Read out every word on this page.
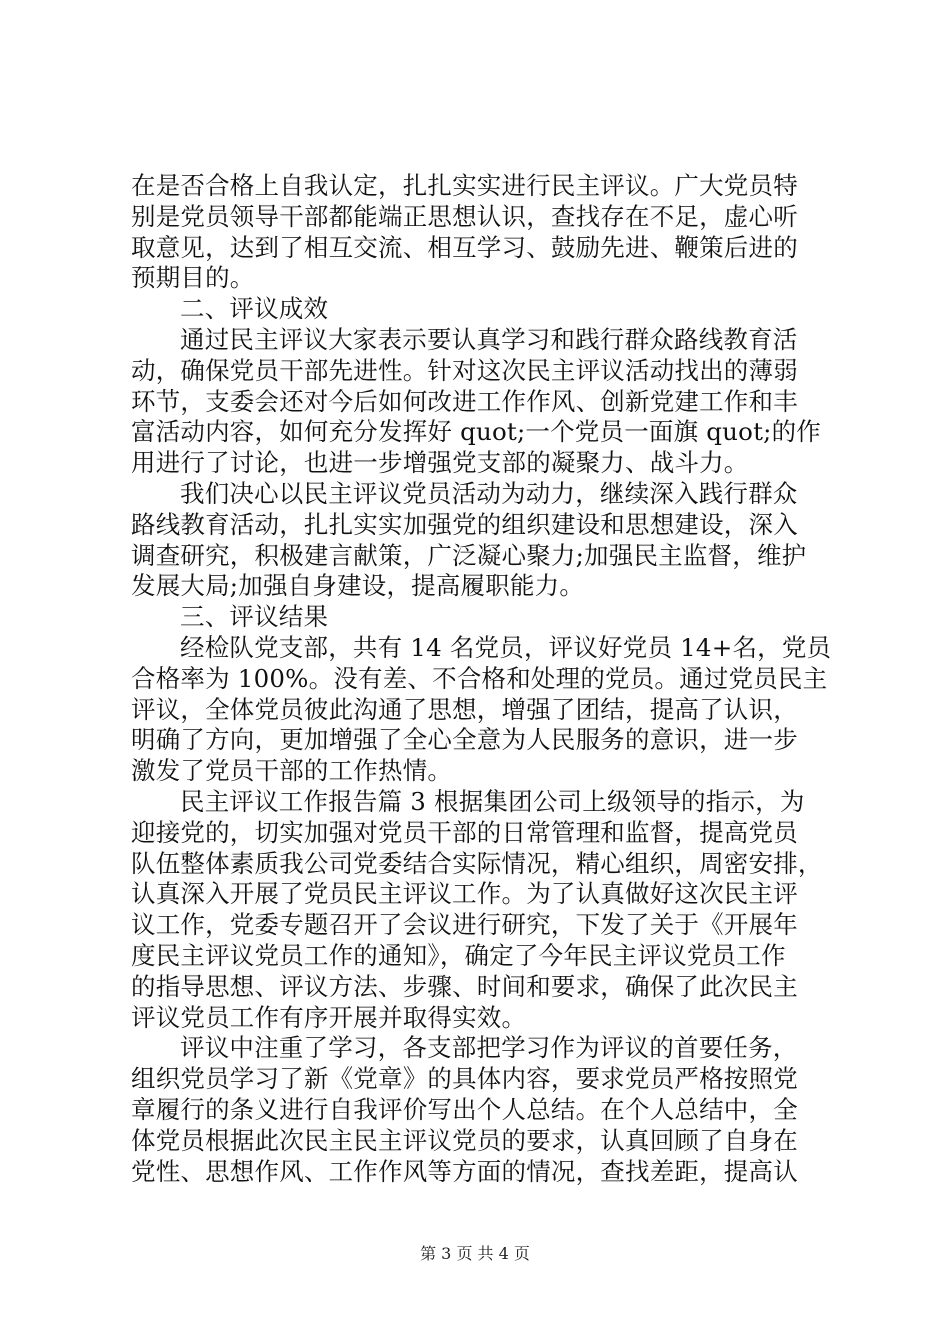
在是否合格上自我认定，扎扎实实进行民主评议。广大党员特
别是党员领导干部都能端正思想认识，查找存在不足，虚心听
取意见，达到了相互交流、相互学习、鼓励先进、鞭策后进的
预期目的。
二、评议成效
通过民主评议大家表示要认真学习和践行群众路线教育活
动，确保党员干部先进性。针对这次民主评议活动找出的薄弱
环节，支委会还对今后如何改进工作作风、创新党建工作和丰
富活动内容，如何充分发挥好 quot;一个党员一面旗 quot;的作
用进行了讨论，也进一步增强党支部的凝聚力、战斗力。
我们决心以民主评议党员活动为动力，继续深入践行群众
路线教育活动，扎扎实实加强党的组织建设和思想建设，深入
调查研究，积极建言献策，广泛凝心聚力;加强民主监督，维护
发展大局;加强自身建设，提高履职能力。
三、评议结果
经检队党支部，共有 14 名党员，评议好党员 14+名，党员
合格率为 100%。没有差、不合格和处理的党员。通过党员民主
评议，全体党员彼此沟通了思想，增强了团结，提高了认识，
明确了方向，更加增强了全心全意为人民服务的意识，进一步
激发了党员干部的工作热情。
民主评议工作报告篇 3 根据集团公司上级领导的指示，为
迎接党的，切实加强对党员干部的日常管理和监督，提高党员
队伍整体素质我公司党委结合实际情况，精心组织，周密安排，
认真深入开展了党员民主评议工作。为了认真做好这次民主评
议工作，党委专题召开了会议进行研究，下发了关于《开展年
度民主评议党员工作的通知》，确定了今年民主评议党员工作
的指导思想、评议方法、步骤、时间和要求，确保了此次民主
评议党员工作有序开展并取得实效。
评议中注重了学习，各支部把学习作为评议的首要任务，
组织党员学习了新《党章》的具体内容，要求党员严格按照党
章履行的条义进行自我评价写出个人总结。在个人总结中，全
体党员根据此次民主民主评议党员的要求，认真回顾了自身在
党性、思想作风、工作作风等方面的情况，查找差距，提高认
第 3 页 共 4 页
